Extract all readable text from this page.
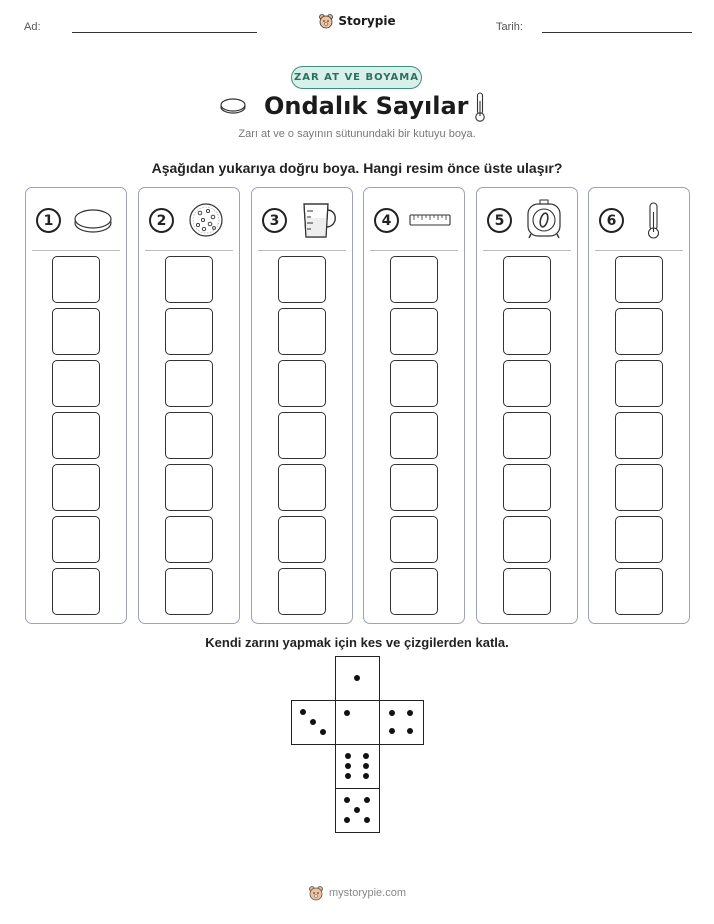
Ad:	Tarih:
Storypie
ZAR AT VE BOYAMA
Ondalık Sayılar
Zarı at ve o sayının sütunundaki bir kutuyu boya.
Aşağıdan yukarıya doğru boya. Hangi resim önce üste ulaşır?
1	2	3	4	5	6
Kendi zarını yapmak için kes ve çizgilerden katla.
mystorypie.com
